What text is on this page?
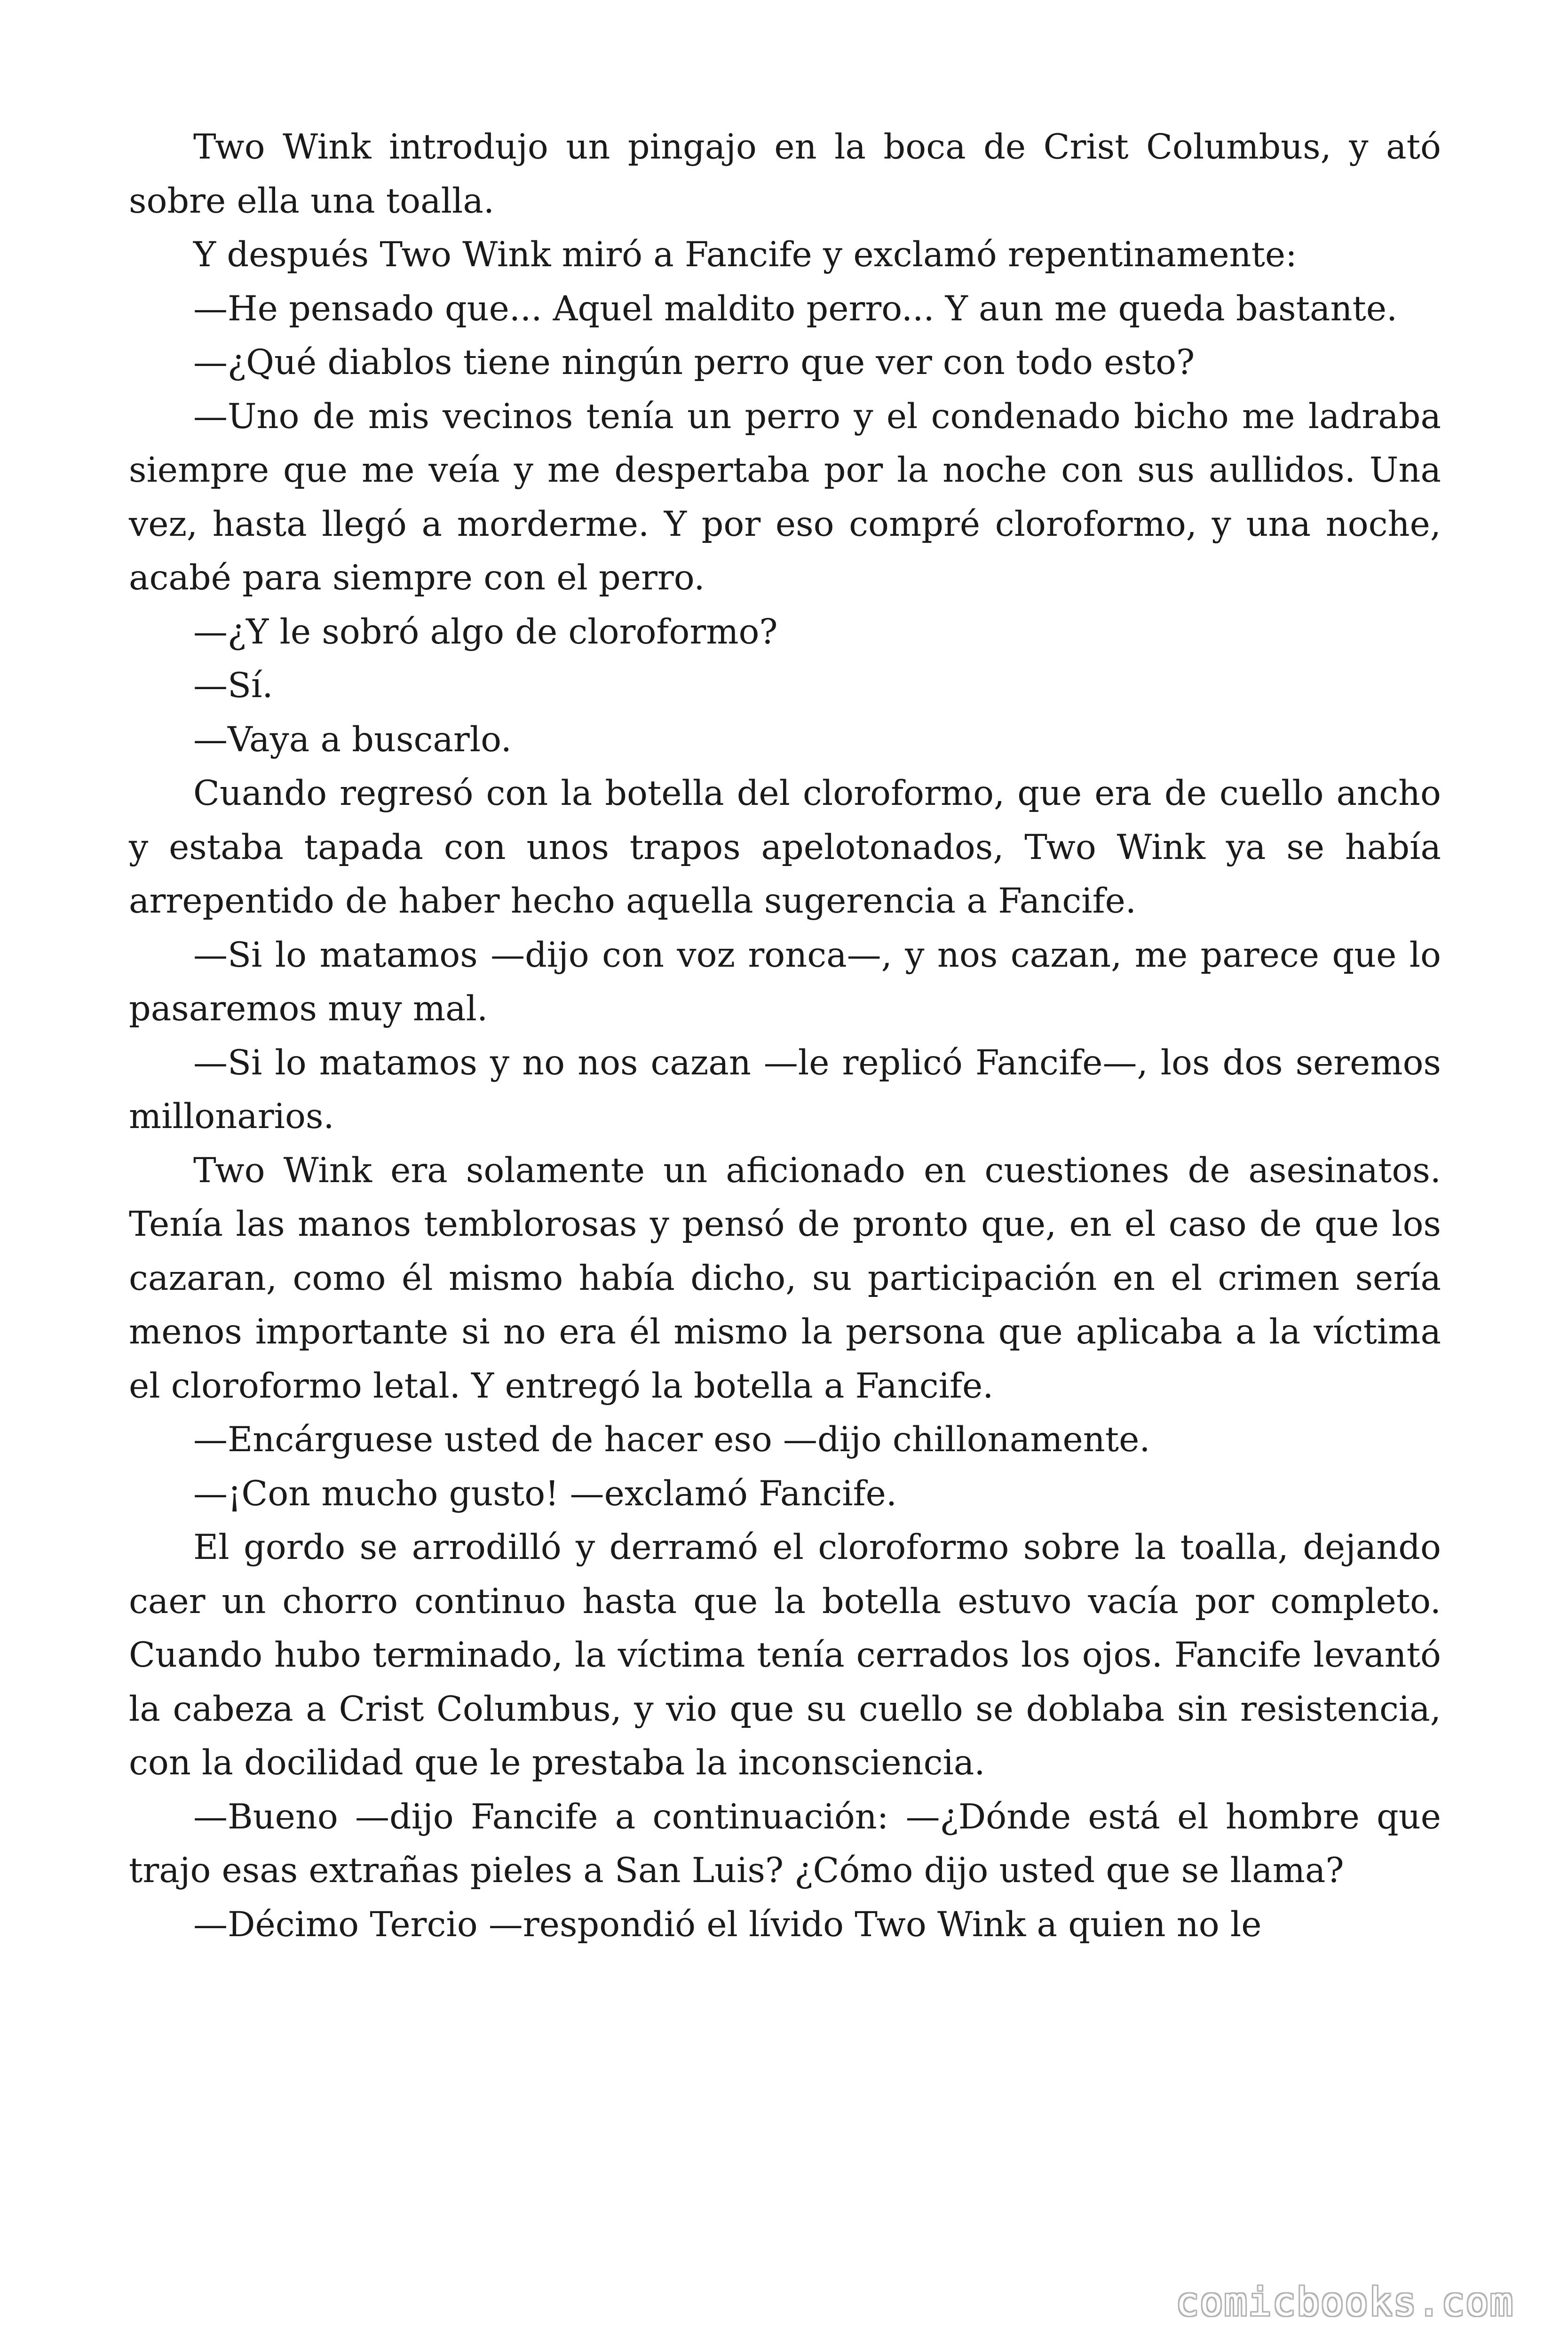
Two Wink introdujo un pingajo en la boca de Crist Columbus, y ató sobre ella una toalla.

Y después Two Wink miró a Fancife y exclamó repentinamente:

—He pensado que... Aquel maldito perro... Y aun me queda bastante.

—¿Qué diablos tiene ningún perro que ver con todo esto?

—Uno de mis vecinos tenía un perro y el condenado bicho me ladraba siempre que me veía y me despertaba por la noche con sus aullidos. Una vez, hasta llegó a morderme. Y por eso compré cloroformo, y una noche, acabé para siempre con el perro.

—¿Y le sobró algo de cloroformo?

—Sí.

—Vaya a buscarlo.

Cuando regresó con la botella del cloroformo, que era de cuello ancho y estaba tapada con unos trapos apelotonados, Two Wink ya se había arrepentido de haber hecho aquella sugerencia a Fancife.

—Si lo matamos —dijo con voz ronca—, y nos cazan, me parece que lo pasaremos muy mal.

—Si lo matamos y no nos cazan —le replicó Fancife—, los dos seremos millonarios.

Two Wink era solamente un aficionado en cuestiones de asesinatos. Tenía las manos temblorosas y pensó de pronto que, en el caso de que los cazaran, como él mismo había dicho, su participación en el crimen sería menos importante si no era él mismo la persona que aplicaba a la víctima el cloroformo letal. Y entregó la botella a Fancife.

—Encárguese usted de hacer eso —dijo chillonamente.

—¡Con mucho gusto! —exclamó Fancife.

El gordo se arrodilló y derramó el cloroformo sobre la toalla, dejando caer un chorro continuo hasta que la botella estuvo vacía por completo. Cuando hubo terminado, la víctima tenía cerrados los ojos. Fancife levantó la cabeza a Crist Columbus, y vio que su cuello se doblaba sin resistencia, con la docilidad que le prestaba la inconsciencia.

—Bueno —dijo Fancife a continuación: —¿Dónde está el hombre que trajo esas extrañas pieles a San Luis? ¿Cómo dijo usted que se llama?

—Décimo Tercio —respondió el lívido Two Wink a quien no le

comicbooks.com
